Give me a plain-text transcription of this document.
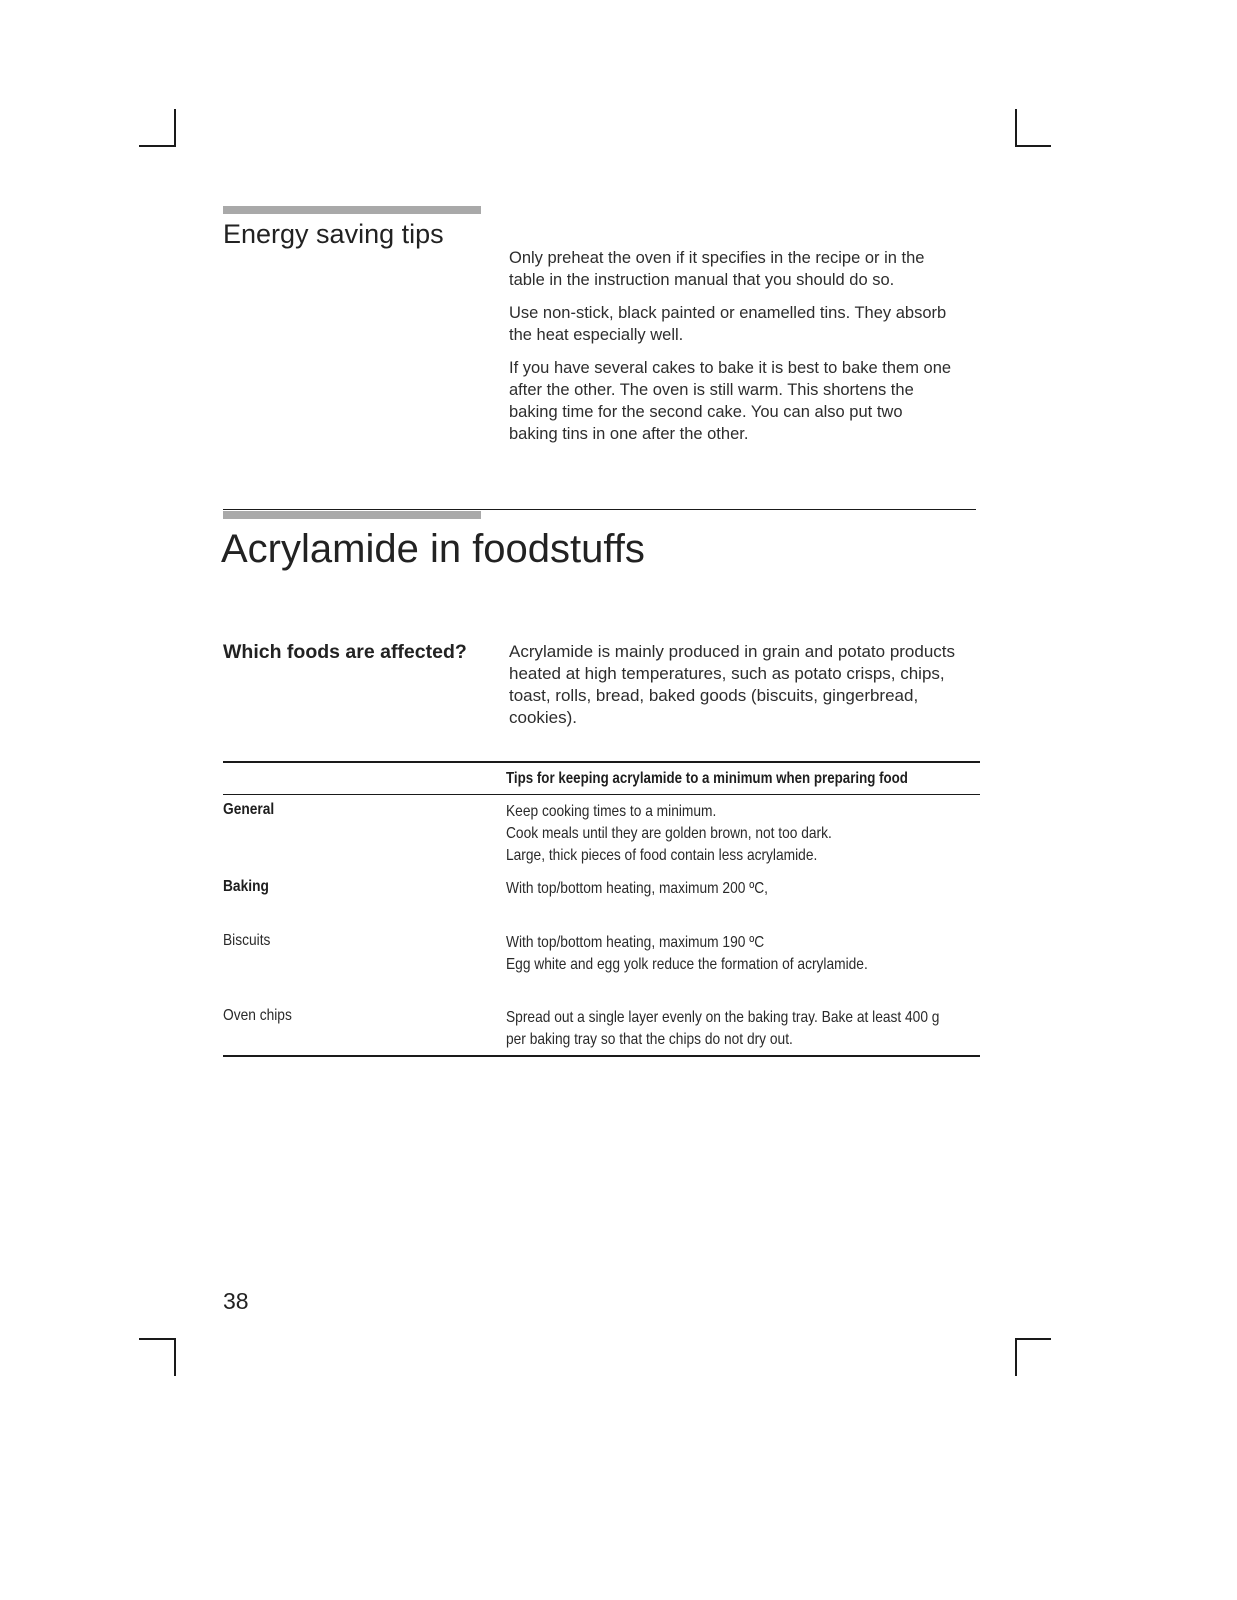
Energy saving tips
Only preheat the oven if it specifies in the recipe or in the
table in the instruction manual that you should do so.
Use non-stick, black painted or enamelled tins. They absorb
the heat especially well.
If you have several cakes to bake it is best to bake them one
after the other. The oven is still warm. This shortens the
baking time for the second cake. You can also put two
baking tins in one after the other.
Acrylamide in foodstuffs
Which foods are affected? Acrylamide is mainly produced in grain and potato products
heated at high temperatures, such as potato crisps, chips,
toast, rolls, bread, baked goods (biscuits, gingerbread,
cookies).
Tips for keeping acrylamide to a minimum when preparing food
General	Keep cooking times to a minimum.
Cook meals until they are golden brown, not too dark.
Large, thick pieces of food contain less acrylamide.
Baking	With top/bottom heating, maximum 200 ºC,
Biscuits	With top/bottom heating, maximum 190 ºC
Egg white and egg yolk reduce the formation of acrylamide.
Oven chips	Spread out a single layer evenly on the baking tray. Bake at least 400 g
per baking tray so that the chips do not dry out.
38
